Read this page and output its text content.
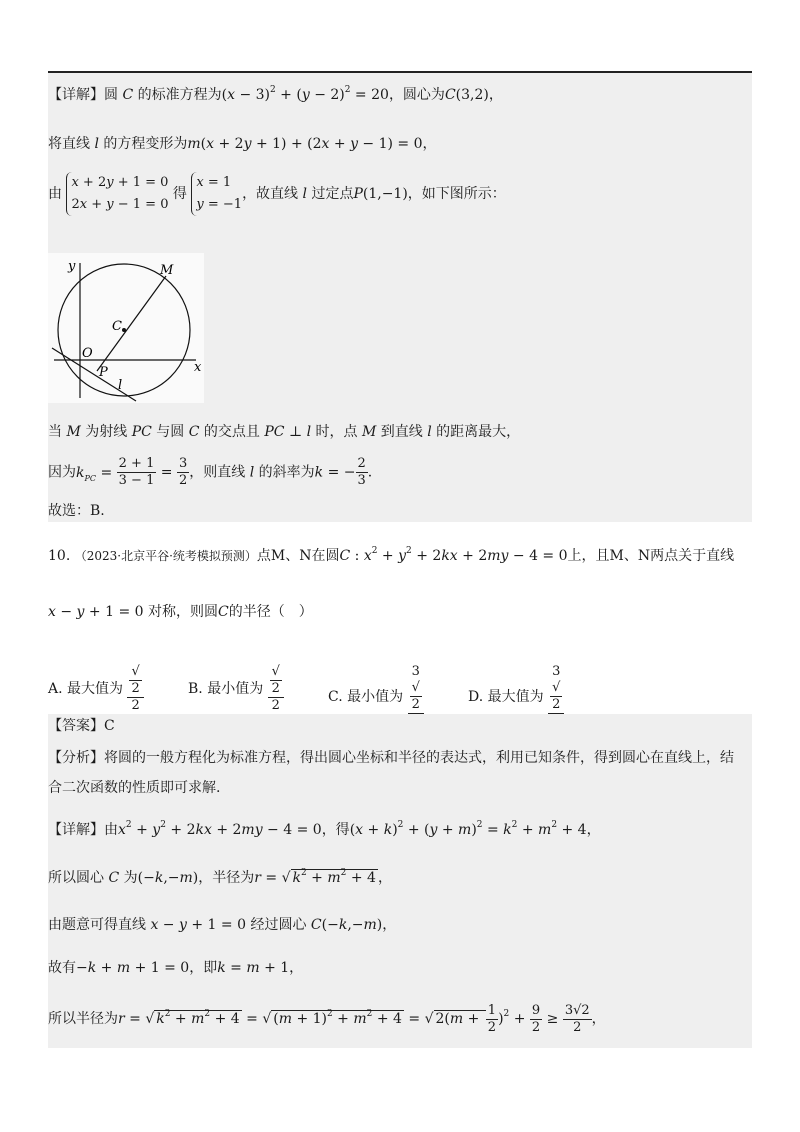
【详解】圆 C 的标准方程为$(x - 3)^2 + (y - 2)^2 = 20$，圆心为C(3,2)，
将直线 l 的方程变形为m(x + 2y + 1) + (2x + y − 1) = 0，
由
x + 2y + 1 = 0
2x + y − 1 = 0
得
x = 1
y = −1
，故直线 l 过定点P(1,−1)，如下图所示：
y
x
M
C
O
P
l
当 M 为射线 PC 与圆 C 的交点且 PC ⊥ l 时，点 M 到直线 l 的距离最大，
因为$k_{PC} = \frac{2 + 1}{3 - 1} = \frac{3}{2}$ ，则直线 l 的斜率为k = − $\frac{2}{3}$ .
故选：B.
10. （2023·北京平谷·统考模拟预测）点M、N在圆C : $x^2 + y^2 + 2kx + 2my - 4 = 0$上，且M、N两点关于直线
x − y + 1 = 0 对称，则圆C的半径（　）
A. 最大值为 √
2
2	B. 最小值为 √
2
2	C. 最小值为
3
√
2	D. 最大值为
3
√
2
【答案】C
【分析】将圆的一般方程化为标准方程，得出圆心坐标和半径的表达式，利用已知条件，得到圆心在直线上，结
合二次函数的性质即可求解.
【详解】由$x^2 + y^2 + 2kx + 2my - 4 = 0$，得$(x + k)^2 + (y + m)^2 = k^2 + m^2 + 4$，
所以圆心 C 为(−k,−m)，半径为r = √ $k^2 + m^2 + 4$ ，
由题意可得直线 x − y + 1 = 0 经过圆心 C(−k,−m)，
故有−k + m + 1 = 0，即k = m + 1，
所以半径为r = √ $k^2 + m^2 + 4$ = √ $(m + 1)^2 + m^2 + 4$ = √ $2(m + \frac{1}{2} )^2 + \frac{9}{2} \ge \frac{3√2}{2}$ ，
